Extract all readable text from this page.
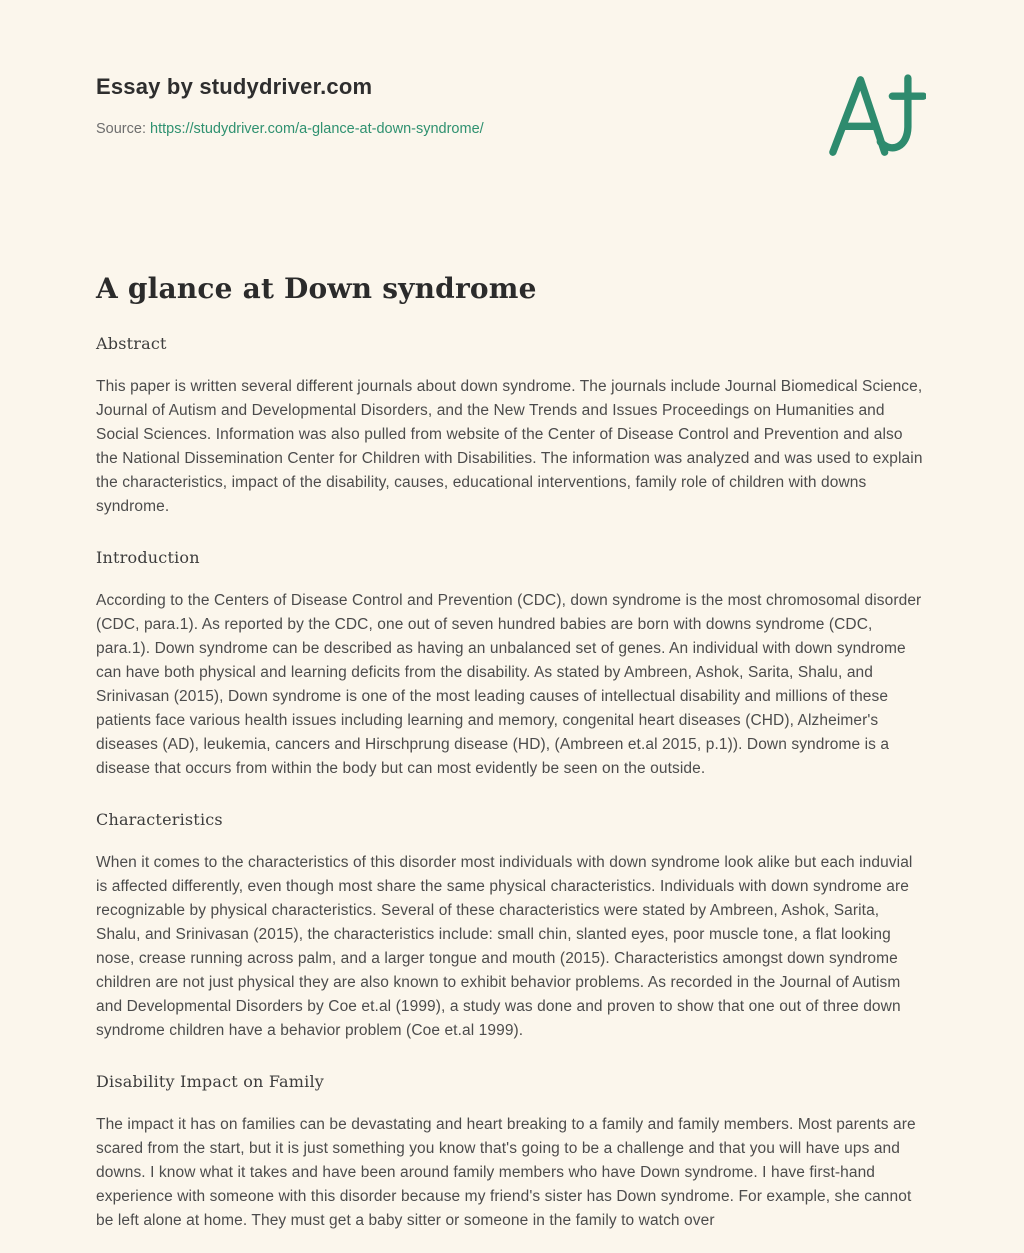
Essay by studydriver.com
Source: https://studydriver.com/a-glance-at-down-syndrome/
A glance at Down syndrome
Abstract

This paper is written several different journals about down syndrome. The journals include Journal Biomedical Science, Journal of Autism and Developmental Disorders, and the New Trends and Issues Proceedings on Humanities and Social Sciences. Information was also pulled from website of the Center of Disease Control and Prevention and also the National Dissemination Center for Children with Disabilities. The information was analyzed and was used to explain the characteristics, impact of the disability, causes, educational interventions, family role of children with downs syndrome.

Introduction

According to the Centers of Disease Control and Prevention (CDC), down syndrome is the most chromosomal disorder (CDC, para.1). As reported by the CDC, one out of seven hundred babies are born with downs syndrome (CDC, para.1). Down syndrome can be described as having an unbalanced set of genes. An individual with down syndrome can have both physical and learning deficits from the disability. As stated by Ambreen, Ashok, Sarita, Shalu, and Srinivasan (2015), Down syndrome is one of the most leading causes of intellectual disability and millions of these patients face various health issues including learning and memory, congenital heart diseases (CHD), Alzheimer's diseases (AD), leukemia, cancers and Hirschprung disease (HD), (Ambreen et.al 2015, p.1)). Down syndrome is a disease that occurs from within the body but can most evidently be seen on the outside.

Characteristics

When it comes to the characteristics of this disorder most individuals with down syndrome look alike but each induvial is affected differently, even though most share the same physical characteristics. Individuals with down syndrome are recognizable by physical characteristics. Several of these characteristics were stated by Ambreen, Ashok, Sarita, Shalu, and Srinivasan (2015), the characteristics include: small chin, slanted eyes, poor muscle tone, a flat looking nose, crease running across palm, and a larger tongue and mouth (2015). Characteristics amongst down syndrome children are not just physical they are also known to exhibit behavior problems. As recorded in the Journal of Autism and Developmental Disorders by Coe et.al (1999), a study was done and proven to show that one out of three down syndrome children have a behavior problem (Coe et.al 1999).

Disability Impact on Family

The impact it has on families can be devastating and heart breaking to a family and family members. Most parents are scared from the start, but it is just something you know that's going to be a challenge and that you will have ups and downs. I know what it takes and have been around family members who have Down syndrome. I have first-hand experience with someone with this disorder because my friend's sister has Down syndrome. For example, she cannot be left alone at home. They must get a baby sitter or someone in the family to watch over
